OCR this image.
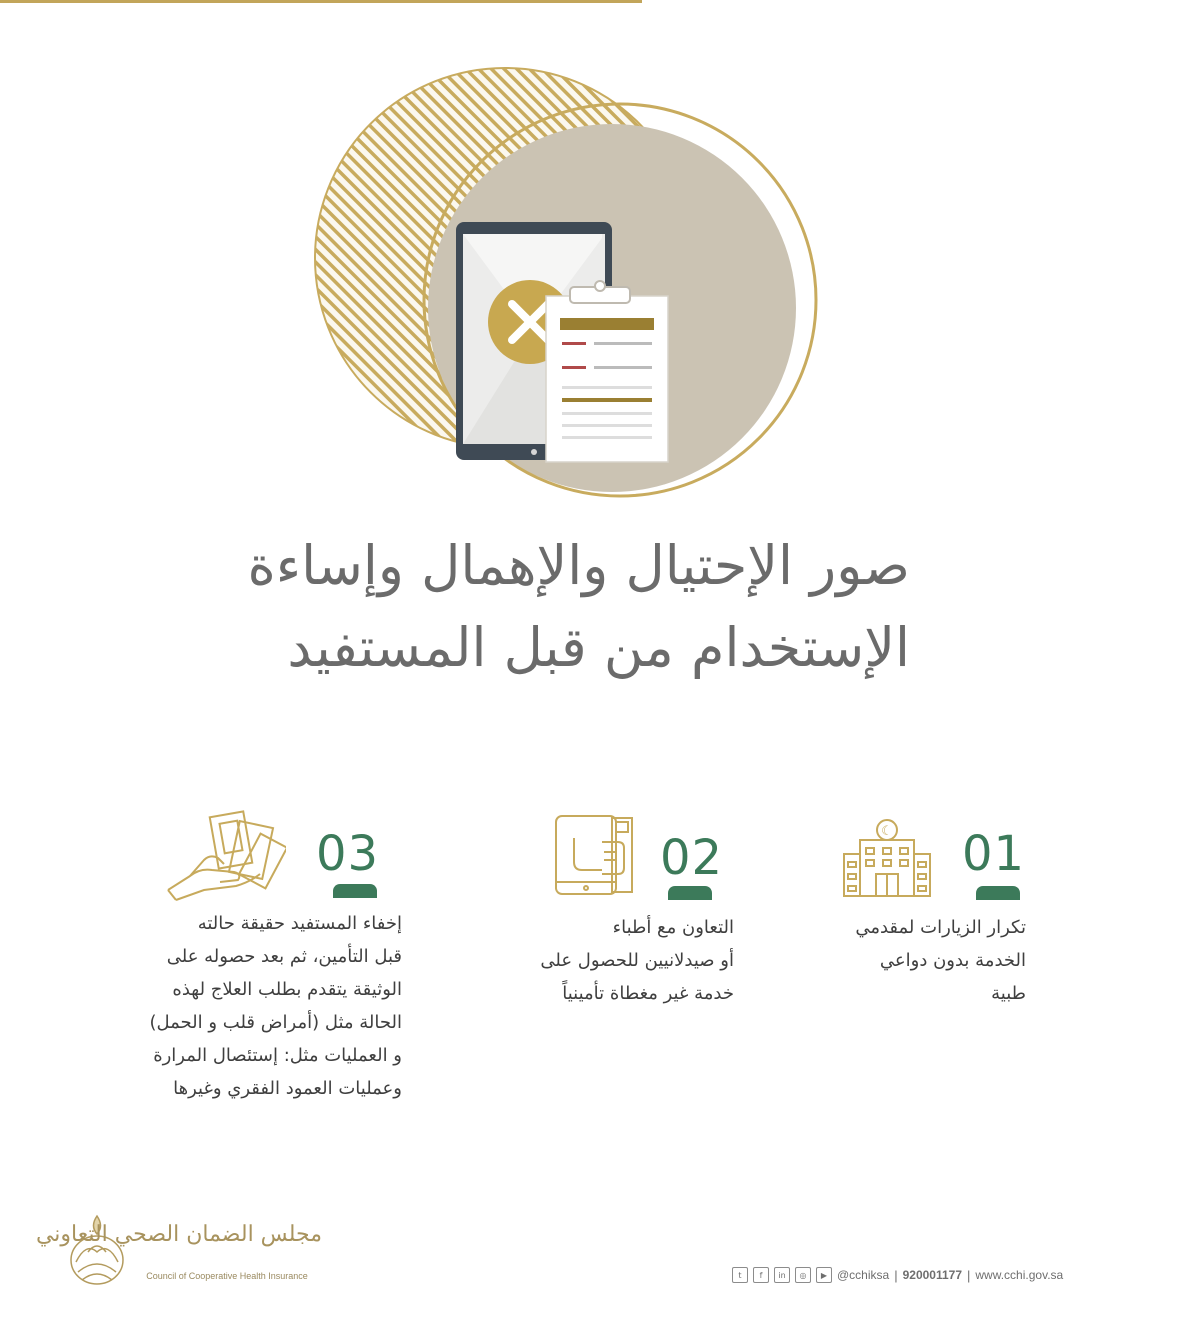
صور الإحتيال والإهمال وإساءة
الإستخدام من قبل المستفيد
☾ 01
تكرار الزيارات لمقدمي
الخدمة بدون دواعي
طبية
02
التعاون مع أطباء
أو صيدلانيين للحصول على
خدمة غير مغطاة تأمينياً
03
إخفاء المستفيد حقيقة حالته
قبل التأمين، ثم بعد حصوله على
الوثيقة يتقدم بطلب العلاج لهذه
الحالة مثل (أمراض قلب و الحمل)
و العمليات مثل: إستئصال المرارة
وعمليات العمود الفقري وغيرها
مجلس الضمان الصحي التعاوني
Council of Cooperative Health Insurance	t	f	in	◎	▶ @cchiksa | 920001177 | www.cchi.gov.sa
